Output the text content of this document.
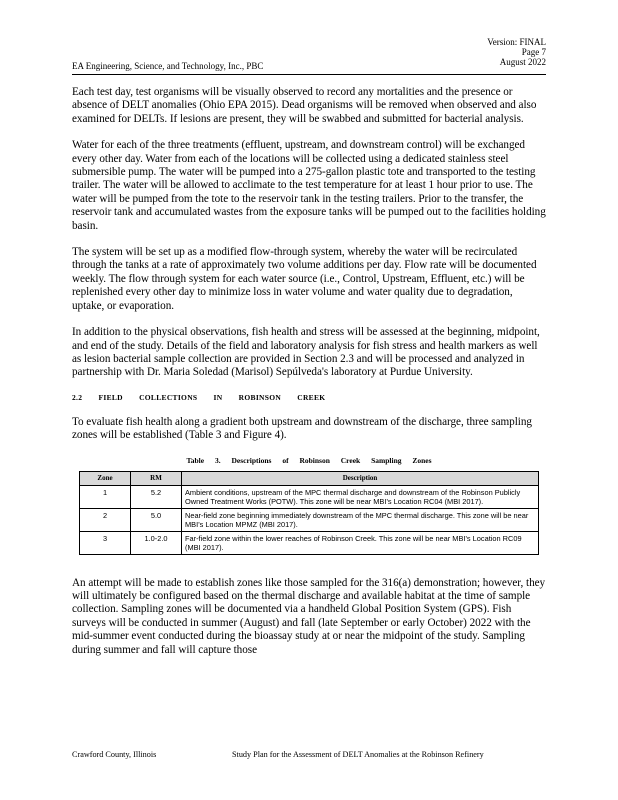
Version: FINAL
Page 7
August 2022
EA Engineering, Science, and Technology, Inc., PBC

Each test day, test organisms will be visually observed to record any mortalities and the presence or absence of DELT anomalies (Ohio EPA 2015). Dead organisms will be removed when observed and also examined for DELTs. If lesions are present, they will be swabbed and submitted for bacterial analysis.

Water for each of the three treatments (effluent, upstream, and downstream control) will be exchanged every other day. Water from each of the locations will be collected using a dedicated stainless steel submersible pump. The water will be pumped into a 275-gallon plastic tote and transported to the testing trailer. The water will be allowed to acclimate to the test temperature for at least 1 hour prior to use. The water will be pumped from the tote to the reservoir tank in the testing trailers. Prior to the transfer, the reservoir tank and accumulated wastes from the exposure tanks will be pumped out to the facilities holding basin.

The system will be set up as a modified flow-through system, whereby the water will be recirculated through the tanks at a rate of approximately two volume additions per day. Flow rate will be documented weekly. The flow through system for each water source (i.e., Control, Upstream, Effluent, etc.) will be replenished every other day to minimize loss in water volume and water quality due to degradation, uptake, or evaporation.

In addition to the physical observations, fish health and stress will be assessed at the beginning, midpoint, and end of the study. Details of the field and laboratory analysis for fish stress and health markers as well as lesion bacterial sample collection are provided in Section 2.3 and will be processed and analyzed in partnership with Dr. Maria Soledad (Marisol) Sepúlveda's laboratory at Purdue University.

2.2 FIELD COLLECTIONS IN ROBINSON CREEK

To evaluate fish health along a gradient both upstream and downstream of the discharge, three sampling zones will be established (Table 3 and Figure 4).

Table 3. Descriptions of Robinson Creek Sampling Zones
Zone	RM	Description
1	5.2	Ambient conditions, upstream of the MPC thermal discharge and downstream of the Robinson Publicly Owned Treatment Works (POTW). This zone will be near MBI’s Location RC04 (MBI 2017).
2	5.0	Near-field zone beginning immediately downstream of the MPC thermal discharge. This zone will be near MBI’s Location MPMZ (MBI 2017).
3	1.0-2.0	Far-field zone within the lower reaches of Robinson Creek. This zone will be near MBI’s Location RC09 (MBI 2017).

An attempt will be made to establish zones like those sampled for the 316(a) demonstration; however, they will ultimately be configured based on the thermal discharge and available habitat at the time of sample collection. Sampling zones will be documented via a handheld Global Position System (GPS). Fish surveys will be conducted in summer (August) and fall (late September or early October) 2022 with the mid-summer event conducted during the bioassay study at or near the midpoint of the study. Sampling during summer and fall will capture those

Crawford County, Illinois	Study Plan for the Assessment of DELT Anomalies at the Robinson Refinery
